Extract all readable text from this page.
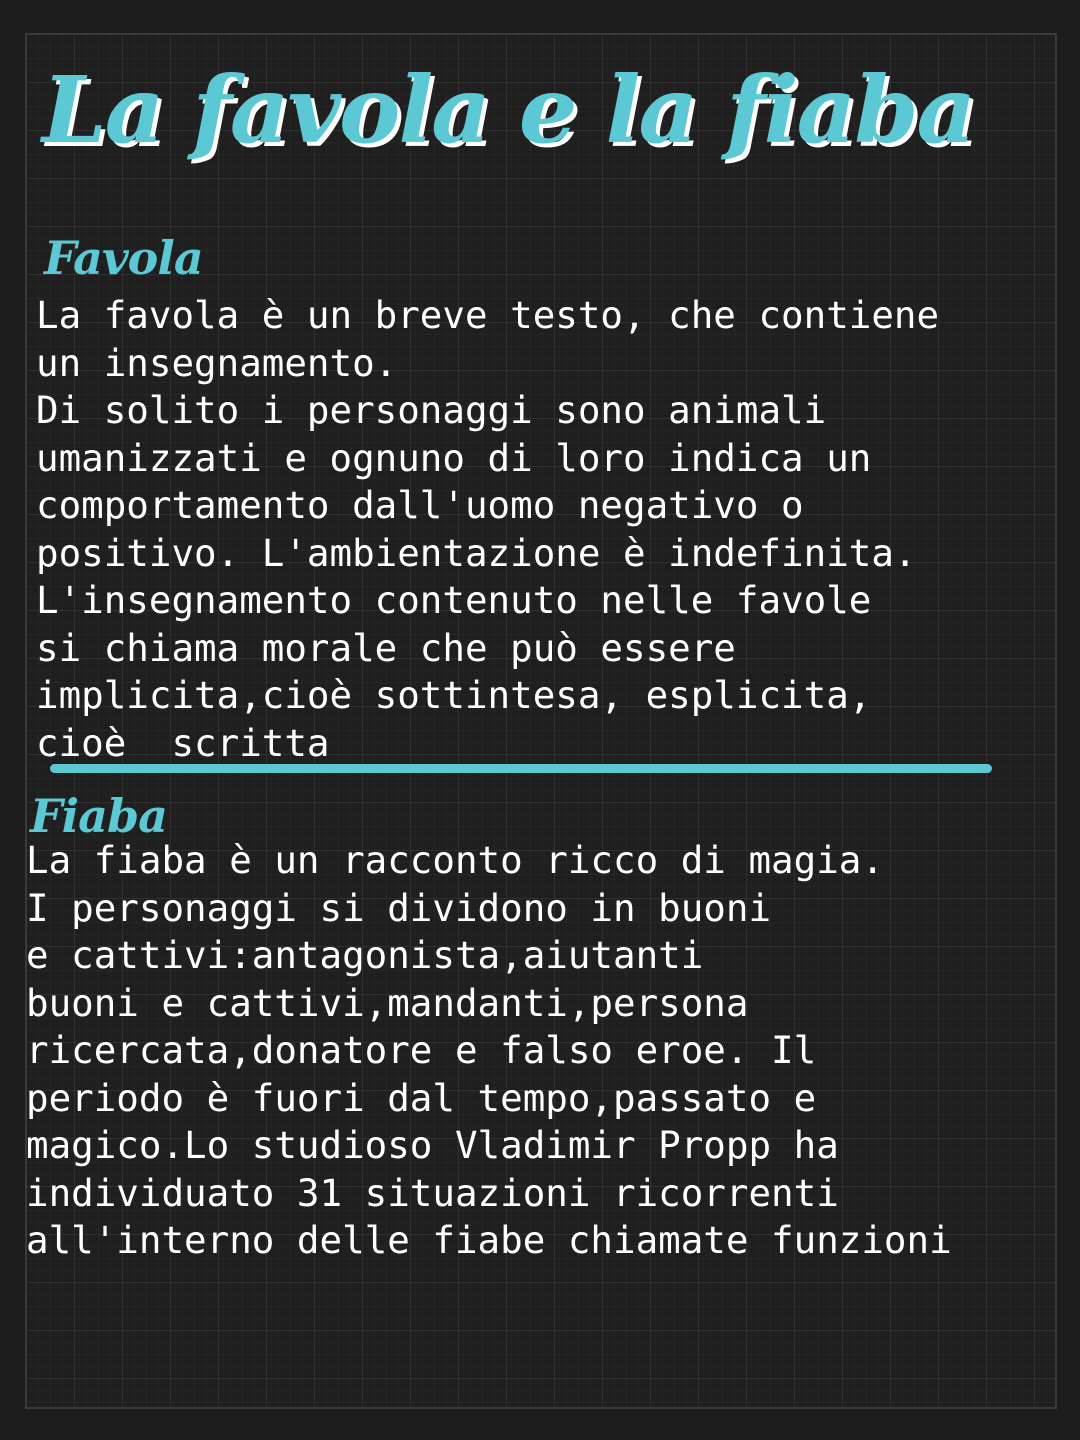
La favola e la fiaba
Favola

La favola è un breve testo, che contiene
un insegnamento.
Di solito i personaggi sono animali
umanizzati e ognuno di loro indica un
comportamento dall'uomo negativo o
positivo. L'ambientazione è indefinita.
L'insegnamento contenuto nelle favole
si chiama morale che può essere
implicita,cioè sottintesa, esplicita,
cioè  scritta

Fiaba

La fiaba è un racconto ricco di magia.
I personaggi si dividono in buoni
e cattivi:antagonista,aiutanti
buoni e cattivi,mandanti,persona
ricercata,donatore e falso eroe. Il
periodo è fuori dal tempo,passato e
magico.Lo studioso Vladimir Propp ha
individuato 31 situazioni ricorrenti
all'interno delle fiabe chiamate funzioni
